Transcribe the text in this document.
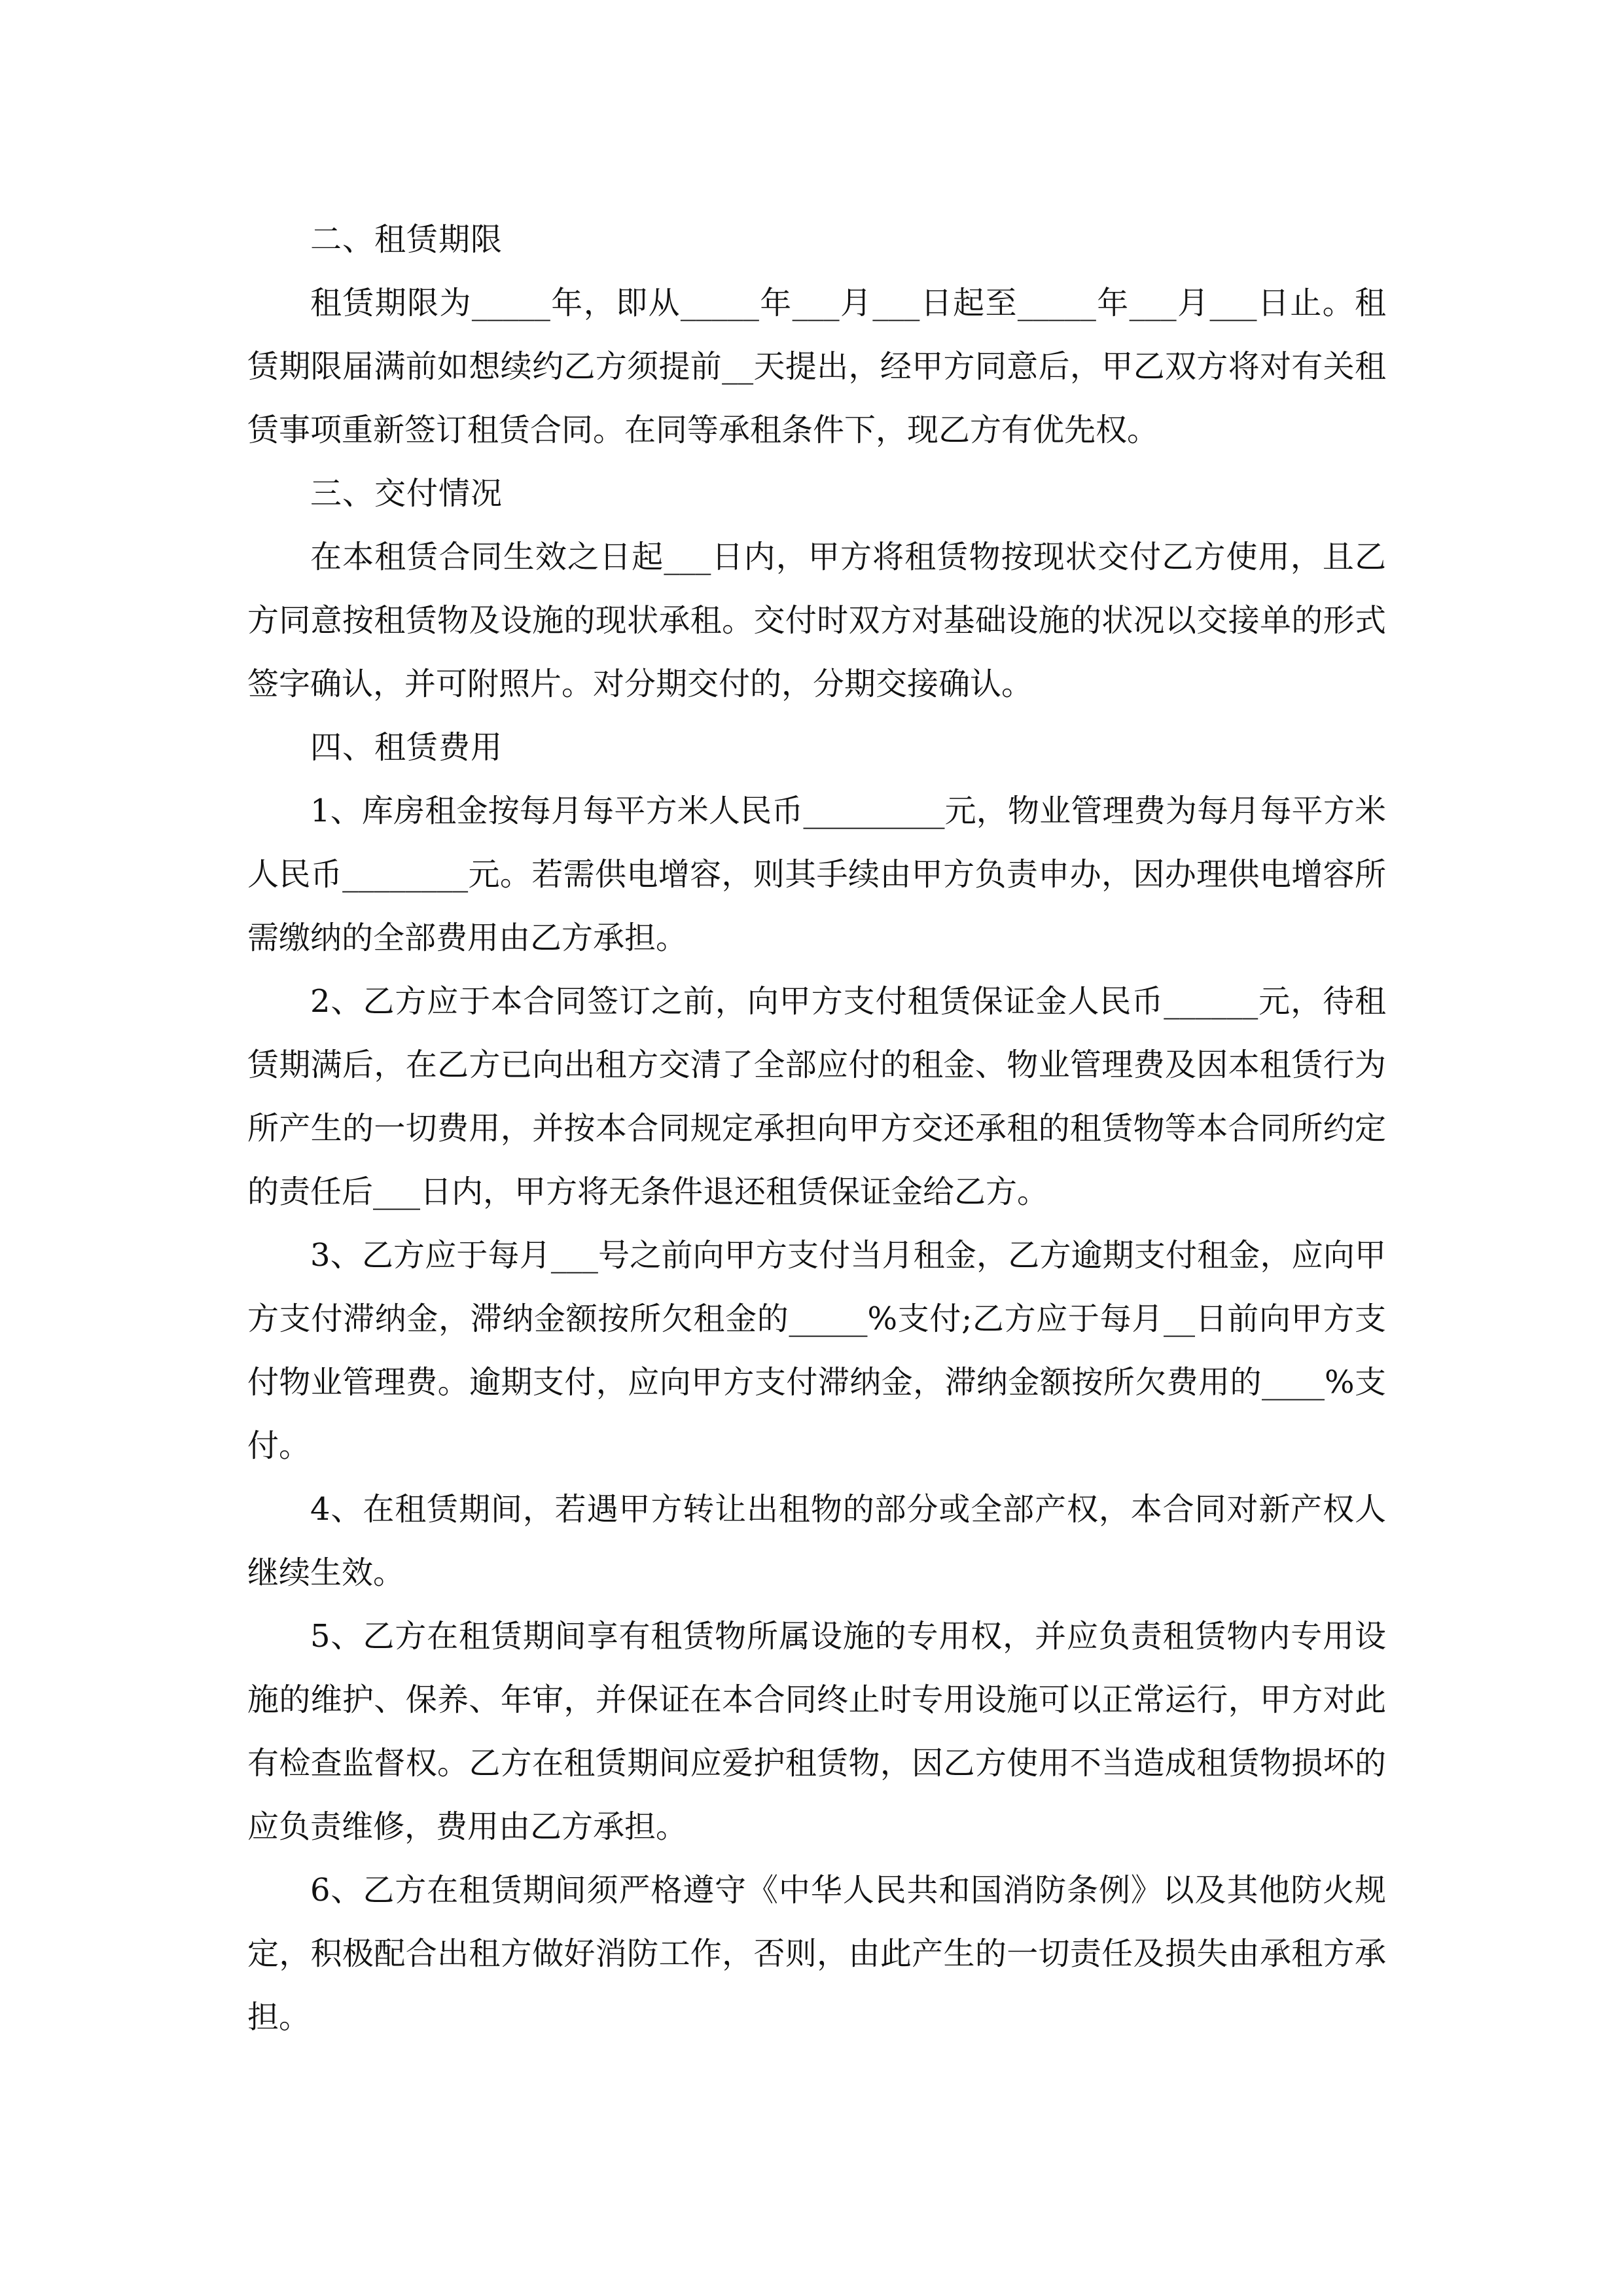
二、租赁期限

租赁期限为_____年，即从_____年___月___日起至_____年___月___日止。租赁期限届满前如想续约乙方须提前__天提出，经甲方同意后，甲乙双方将对有关租赁事项重新签订租赁合同。在同等承租条件下，现乙方有优先权。

三、交付情况

在本租赁合同生效之日起___日内，甲方将租赁物按现状交付乙方使用，且乙方同意按租赁物及设施的现状承租。交付时双方对基础设施的状况以交接单的形式签字确认，并可附照片。对分期交付的，分期交接确认。

四、租赁费用

1、库房租金按每月每平方米人民币_________元，物业管理费为每月每平方米人民币________元。若需供电增容，则其手续由甲方负责申办，因办理供电增容所需缴纳的全部费用由乙方承担。

2、乙方应于本合同签订之前，向甲方支付租赁保证金人民币______元，待租赁期满后，在乙方已向出租方交清了全部应付的租金、物业管理费及因本租赁行为所产生的一切费用，并按本合同规定承担向甲方交还承租的租赁物等本合同所约定的责任后___日内，甲方将无条件退还租赁保证金给乙方。

3、乙方应于每月___号之前向甲方支付当月租金，乙方逾期支付租金，应向甲方支付滞纳金，滞纳金额按所欠租金的_____%支付;乙方应于每月__日前向甲方支付物业管理费。逾期支付，应向甲方支付滞纳金，滞纳金额按所欠费用的____%支付。

4、在租赁期间，若遇甲方转让出租物的部分或全部产权，本合同对新产权人继续生效。

5、乙方在租赁期间享有租赁物所属设施的专用权，并应负责租赁物内专用设施的维护、保养、年审，并保证在本合同终止时专用设施可以正常运行，甲方对此有检查监督权。乙方在租赁期间应爱护租赁物，因乙方使用不当造成租赁物损坏的应负责维修，费用由乙方承担。

6、乙方在租赁期间须严格遵守《中华人民共和国消防条例》以及其他防火规定，积极配合出租方做好消防工作，否则，由此产生的一切责任及损失由承租方承担。
